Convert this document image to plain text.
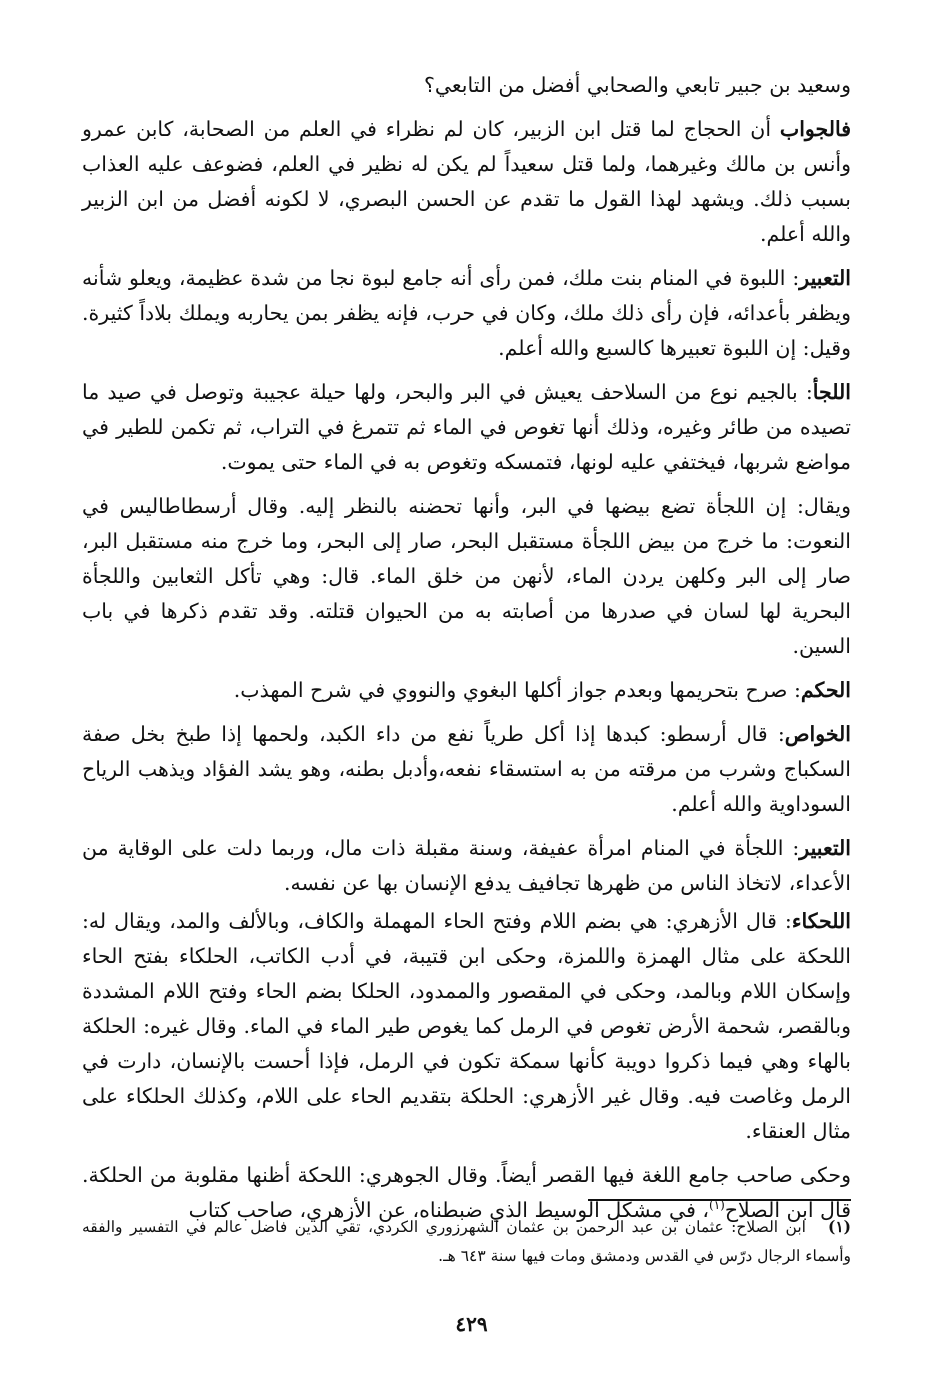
وسعيد بن جبير تابعي والصحابي أفضل من التابعي؟

فالجواب أن الحجاج لما قتل ابن الزبير، كان لم نظراء في العلم من الصحابة، كابن عمرو وأنس بن مالك وغيرهما، ولما قتل سعيداً لم يكن له نظير في العلم، فضوعف عليه العذاب بسبب ذلك. ويشهد لهذا القول ما تقدم عن الحسن البصري، لا لكونه أفضل من ابن الزبير والله أعلم.

التعبير: اللبوة في المنام بنت ملك، فمن رأى أنه جامع لبوة نجا من شدة عظيمة، ويعلو شأنه ويظفر بأعدائه، فإن رأى ذلك ملك، وكان في حرب، فإنه يظفر بمن يحاربه ويملك بلاداً كثيرة. وقيل: إن اللبوة تعبيرها كالسبع والله أعلم.

اللجأ: بالجيم نوع من السلاحف يعيش في البر والبحر، ولها حيلة عجيبة وتوصل في صيد ما تصيده من طائر وغيره، وذلك أنها تغوص في الماء ثم تتمرغ في التراب، ثم تكمن للطير في مواضع شربها، فيختفي عليه لونها، فتمسكه وتغوص به في الماء حتى يموت.

ويقال: إن اللجأة تضع بيضها في البر، وأنها تحضنه بالنظر إليه. وقال أرسطاطاليس في النعوت: ما خرج من بيض اللجأة مستقبل البحر، صار إلى البحر، وما خرج منه مستقبل البر، صار إلى البر وكلهن يردن الماء، لأنهن من خلق الماء. قال: وهي تأكل الثعابين واللجأة البحرية لها لسان في صدرها من أصابته به من الحيوان قتلته. وقد تقدم ذكرها في باب السين.

الحكم: صرح بتحريمها وبعدم جواز أكلها البغوي والنووي في شرح المهذب.

الخواص: قال أرسطو: كبدها إذا أكل طرياً نفع من داء الكبد، ولحمها إذا طبخ بخل صفة السكباج وشرب من مرقته من به استسقاء نفعه،وأدبل بطنه، وهو يشد الفؤاد ويذهب الرياح السوداوية والله أعلم.

التعبير: اللجأة في المنام امرأة عفيفة، وسنة مقبلة ذات مال، وربما دلت على الوقاية من الأعداء، لاتخاذ الناس من ظهرها تجافيف يدفع الإنسان بها عن نفسه.

اللحكاء: قال الأزهري: هي بضم اللام وفتح الحاء المهملة والكاف، وبالألف والمد، ويقال له: اللحكة على مثال الهمزة واللمزة، وحكى ابن قتيبة، في أدب الكاتب، الحلكاء بفتح الحاء وإسكان اللام وبالمد، وحكى في المقصور والممدود، الحلكا بضم الحاء وفتح اللام المشددة وبالقصر، شحمة الأرض تغوص في الرمل كما يغوص طير الماء في الماء. وقال غيره: الحلكة بالهاء وهي فيما ذكروا دويبة كأنها سمكة تكون في الرمل، فإذا أحست بالإنسان، دارت في الرمل وغاصت فيه. وقال غير الأزهري: الحلكة بتقديم الحاء على اللام، وكذلك الحلكاء على مثال العنقاء.

وحكى صاحب جامع اللغة فيها القصر أيضاً. وقال الجوهري: اللحكة أظنها مقلوبة من الحلكة. قال ابن الصلاح$^{(١)}$، في مشكل الوسيط الذي ضبطناه، عن الأزهري، صاحب كتاب

(١)ابن الصلاح: عثمان بن عبد الرحمن بن عثمان الشهرزوري الكردي، تقي الدين فاضل عالم في التفسير والفقه وأسماء الرجال درّس في القدس ودمشق ومات فيها سنة ٦٤٣ هـ.
٤٢٩
